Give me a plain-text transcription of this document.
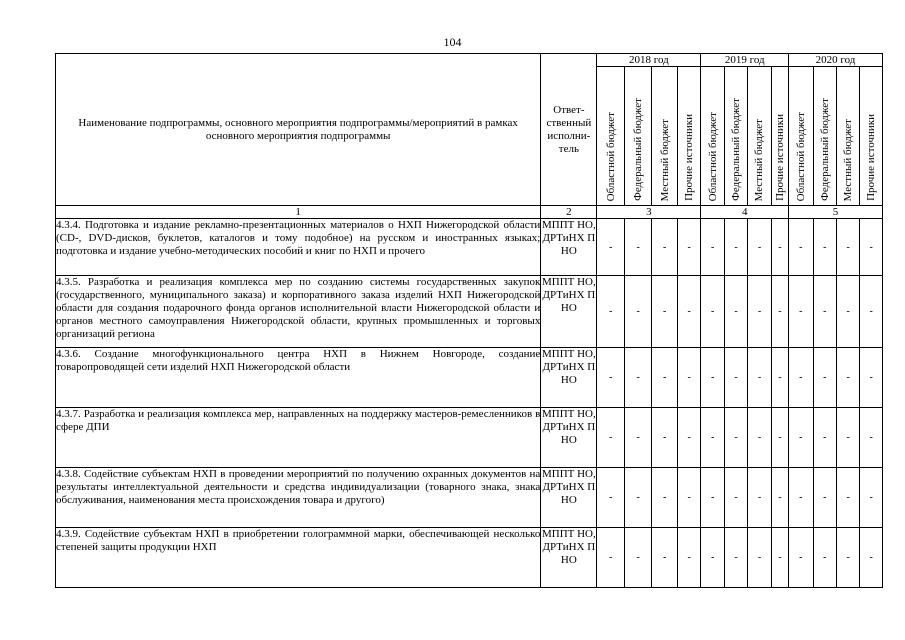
104
Наименование подпрограммы, основного мероприятия подпрограммы/мероприятий в рамках основного мероприятия подпрограммы	Ответ-ственный исполни-тель	2018 год				2019 год				2020 год			

		Областной бюджет	Федеральный бюджет	Местный бюджет	Прочие источники	Областной бюджет	Федеральный бюджет	Местный бюджет	Прочие источники	Областной бюджет	Федеральный бюджет	Местный бюджет	Прочие источники

1	2	3				4				5			
4.3.4. Подготовка и издание рекламно-презентационных материалов о НХП Нижегородской области (CD-, DVD-дисков, буклетов, каталогов и тому подобное) на русском и иностранных языках; подготовка и издание учебно-методических пособий и книг по НХП и прочего	МППТ НО, ДРТиНХ П НО	-	-	-	-	-	-	-	-	-	-	-	-
4.3.5. Разработка и реализация комплекса мер по созданию системы государственных закупок (государственного, муниципального заказа) и корпоративного заказа изделий НХП Нижегородской области для создания подарочного фонда органов исполнительной власти Нижегородской области и органов местного самоуправления Нижегородской области, крупных промышленных и торговых организаций региона	МППТ НО, ДРТиНХ П НО	-	-	-	-	-	-	-	-	-	-	-	-
4.3.6. Создание многофункционального центра НХП в Нижнем Новгороде, создание товаропроводящей сети изделий НХП Нижегородской области	МППТ НО, ДРТиНХ П НО	-	-	-	-	-	-	-	-	-	-	-	-
4.3.7. Разработка и реализация комплекса мер, направленных на поддержку мастеров-ремесленников в сфере ДПИ	МППТ НО, ДРТиНХ П НО	-	-	-	-	-	-	-	-	-	-	-	-
4.3.8. Содействие субъектам НХП в проведении мероприятий по получению охранных документов на результаты интеллектуальной деятельности и средства индивидуализации (товарного знака, знака обслуживания, наименования места происхождения товара и другого)	МППТ НО, ДРТиНХ П НО	-	-	-	-	-	-	-	-	-	-	-	-
4.3.9. Содействие субъектам НХП в приобретении голограммной марки, обеспечивающей несколько степеней защиты продукции НХП	МППТ НО, ДРТиНХ П НО	-	-	-	-	-	-	-	-	-	-	-	-
